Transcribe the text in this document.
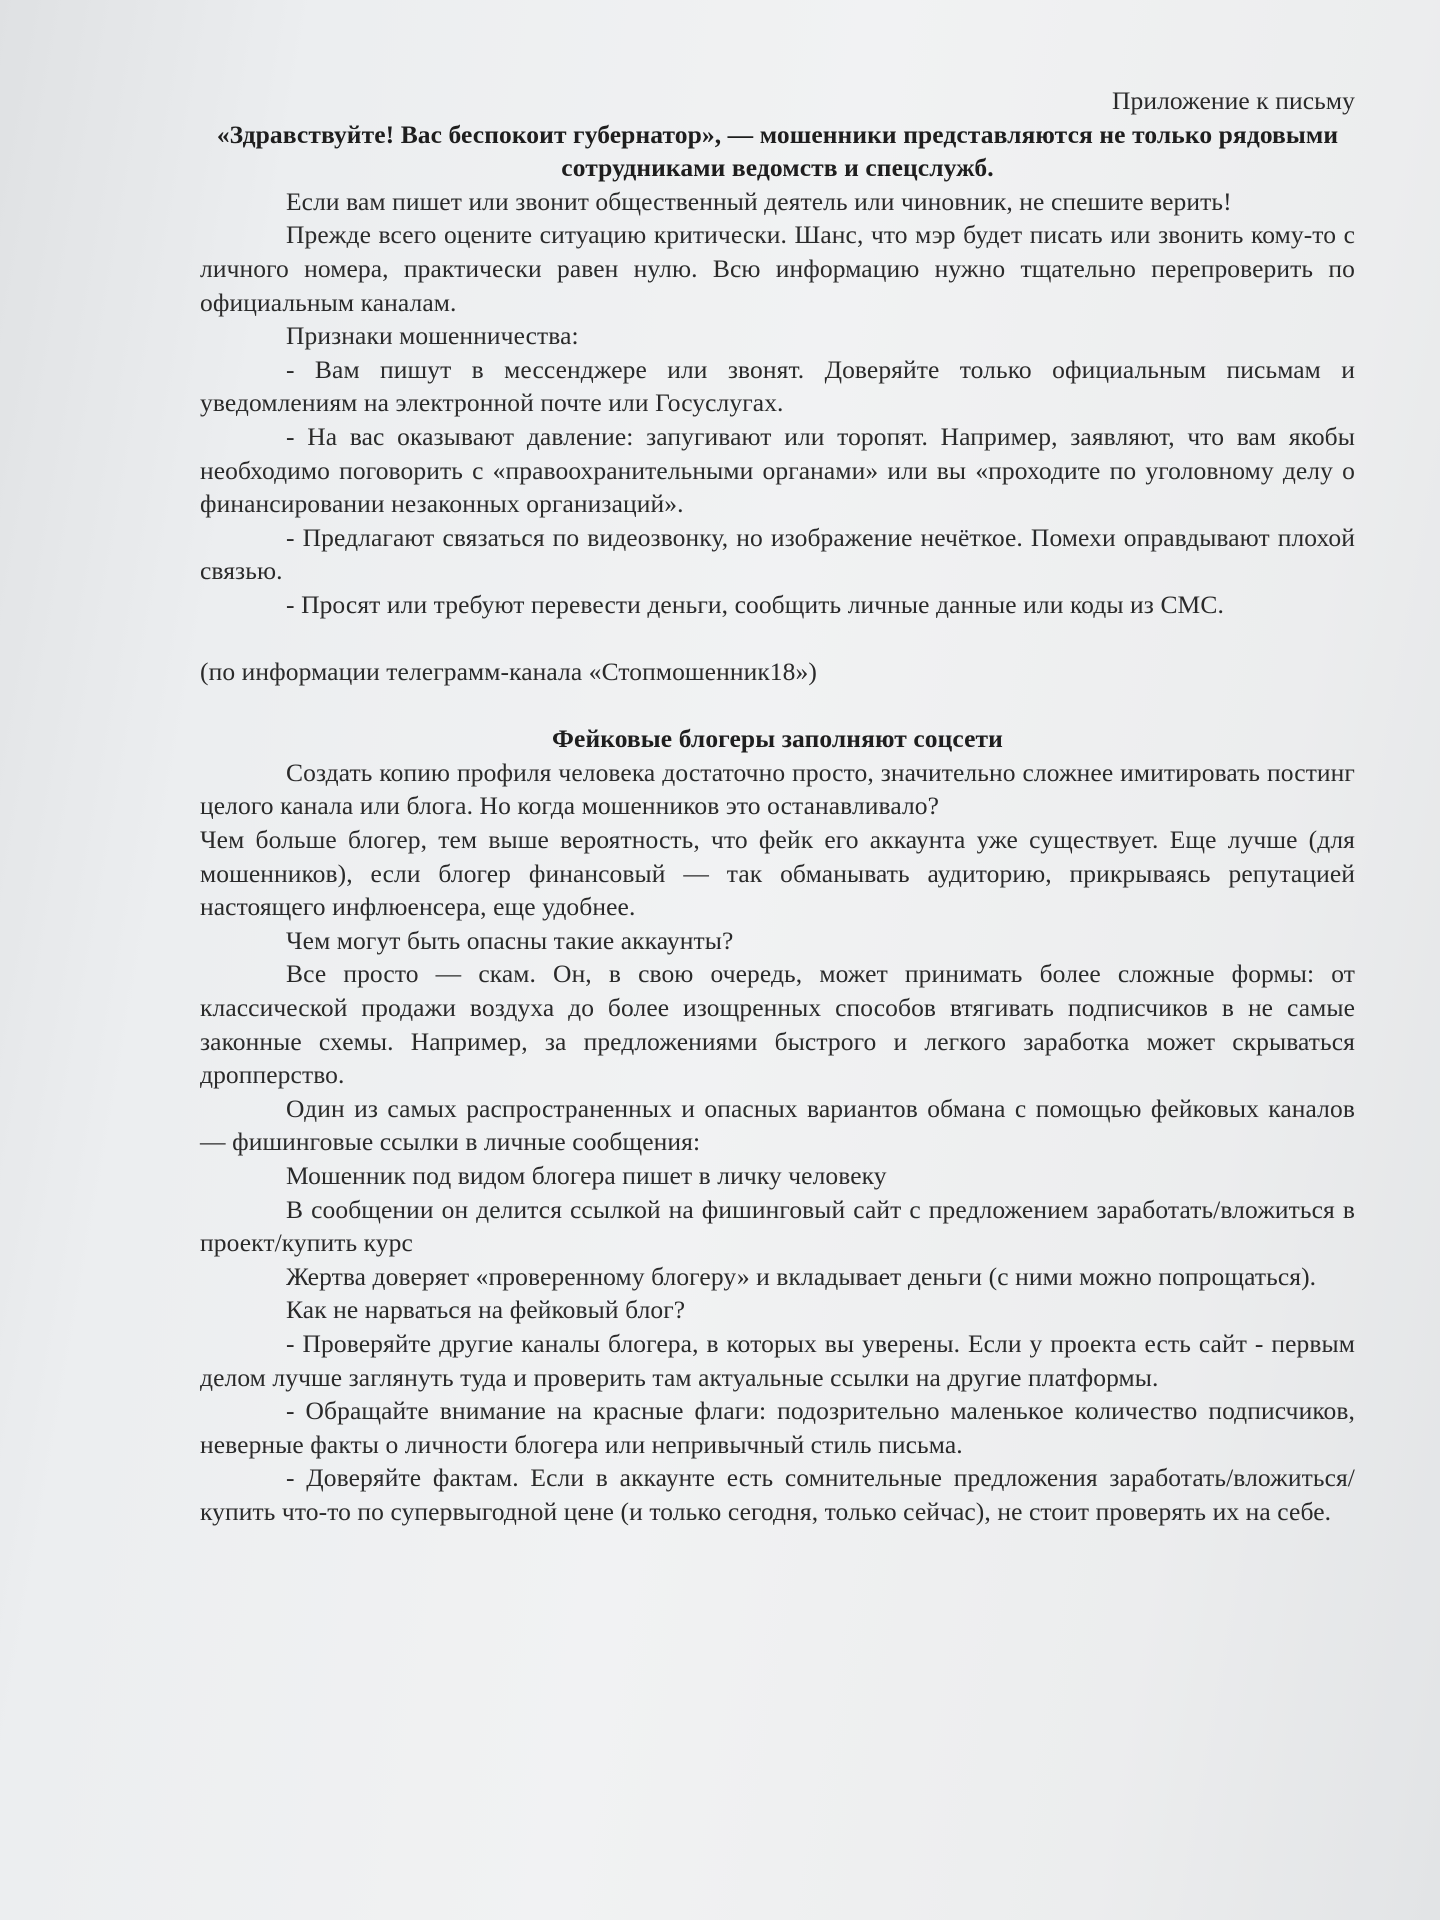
Приложение к письму

«Здравствуйте! Вас беспокоит губернатор», — мошенники представляются не только рядовыми сотрудниками ведомств и спецслужб.

Если вам пишет или звонит общественный деятель или чиновник, не спешите верить!

Прежде всего оцените ситуацию критически. Шанс, что мэр будет писать или звонить кому-то с личного номера, практически равен нулю. Всю информацию нужно тщательно перепроверить по официальным каналам.

Признаки мошенничества:

- Вам пишут в мессенджере или звонят. Доверяйте только официальным письмам и уведомлениям на электронной почте или Госуслугах.

- На вас оказывают давление: запугивают или торопят. Например, заявляют, что вам якобы необходимо поговорить с «правоохранительными органами» или вы «проходите по уголовному делу о финансировании незаконных организаций».

- Предлагают связаться по видеозвонку, но изображение нечёткое. Помехи оправдывают плохой связью.

- Просят или требуют перевести деньги, сообщить личные данные или коды из СМС.

(по информации телеграмм-канала «Стопмошенник18»)

Фейковые блогеры заполняют соцсети

Создать копию профиля человека достаточно просто, значительно сложнее имитировать постинг целого канала или блога. Но когда мошенников это останавливало?

Чем больше блогер, тем выше вероятность, что фейк его аккаунта уже существует. Еще лучше (для мошенников), если блогер финансовый — так обманывать аудиторию, прикрываясь репутацией настоящего инфлюенсера, еще удобнее.

Чем могут быть опасны такие аккаунты?

Все просто — скам. Он, в свою очередь, может принимать более сложные формы: от классической продажи воздуха до более изощренных способов втягивать подписчиков в не самые законные схемы. Например, за предложениями быстрого и легкого заработка может скрываться дропперство.

Один из самых распространенных и опасных вариантов обмана с помощью фейковых каналов — фишинговые ссылки в личные сообщения:

Мошенник под видом блогера пишет в личку человеку

В сообщении он делится ссылкой на фишинговый сайт с предложением заработать/вложиться в проект/купить курс

Жертва доверяет «проверенному блогеру» и вкладывает деньги (с ними можно попрощаться).

Как не нарваться на фейковый блог?

- Проверяйте другие каналы блогера, в которых вы уверены. Если у проекта есть сайт - первым делом лучше заглянуть туда и проверить там актуальные ссылки на другие платформы.

- Обращайте внимание на красные флаги: подозрительно маленькое количество подписчиков, неверные факты о личности блогера или непривычный стиль письма.

- Доверяйте фактам. Если в аккаунте есть сомнительные предложения заработать/вложиться/купить что-то по супервыгодной цене (и только сегодня, только сейчас), не стоит проверять их на себе.
